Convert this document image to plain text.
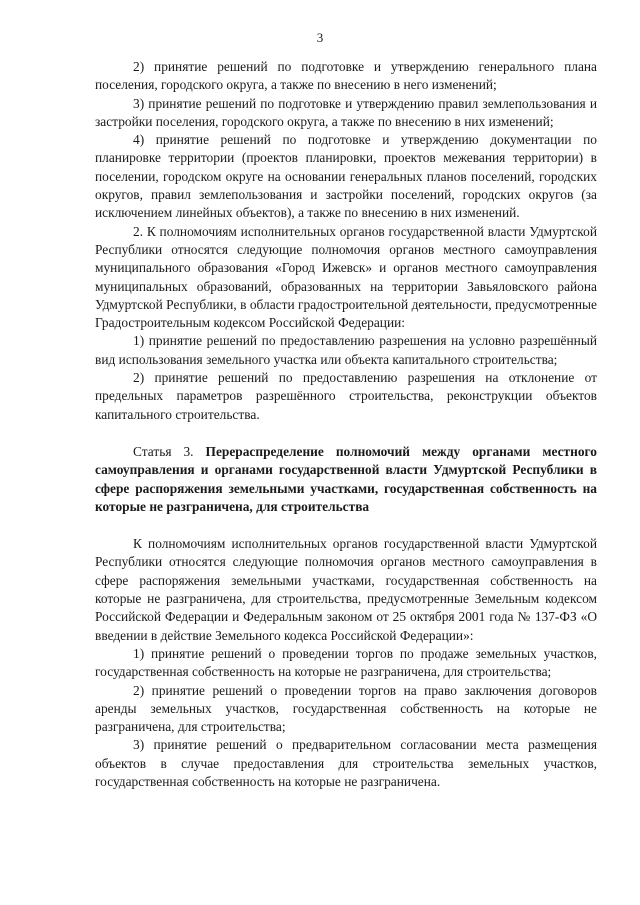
3

2) принятие решений по подготовке и утверждению генерального плана поселения, городского округа, а также по внесению в него изменений;

3) принятие решений по подготовке и утверждению правил землепользования и застройки поселения, городского округа, а также по внесению в них изменений;

4) принятие решений по подготовке и утверждению документации по планировке территории (проектов планировки, проектов межевания территории) в поселении, городском округе на основании генеральных планов поселений, городских округов, правил землепользования и застройки поселений, городских округов (за исключением линейных объектов), а также по внесению в них изменений.

2. К полномочиям исполнительных органов государственной власти Удмуртской Республики относятся следующие полномочия органов местного самоуправления муниципального образования «Город Ижевск» и органов местного самоуправления муниципальных образований, образованных на территории Завьяловского района Удмуртской Республики, в области градостроительной деятельности, предусмотренные Градостроительным кодексом Российской Федерации:

1) принятие решений по предоставлению разрешения на условно разрешённый вид использования земельного участка или объекта капитального строительства;

2) принятие решений по предоставлению разрешения на отклонение от предельных параметров разрешённого строительства, реконструкции объектов капитального строительства.

Статья 3. Перераспределение полномочий между органами местного самоуправления и органами государственной власти Удмуртской Республики в сфере распоряжения земельными участками, государственная собственность на которые не разграничена, для строительства

К полномочиям исполнительных органов государственной власти Удмуртской Республики относятся следующие полномочия органов местного самоуправления в сфере распоряжения земельными участками, государственная собственность на которые не разграничена, для строительства, предусмотренные Земельным кодексом Российской Федерации и Федеральным законом от 25 октября 2001 года № 137-ФЗ «О введении в действие Земельного кодекса Российской Федерации»:

1) принятие решений о проведении торгов по продаже земельных участков, государственная собственность на которые не разграничена, для строительства;

2) принятие решений о проведении торгов на право заключения договоров аренды земельных участков, государственная собственность на которые не разграничена, для строительства;

3) принятие решений о предварительном согласовании места размещения объектов в случае предоставления для строительства земельных участков, государственная собственность на которые не разграничена.
